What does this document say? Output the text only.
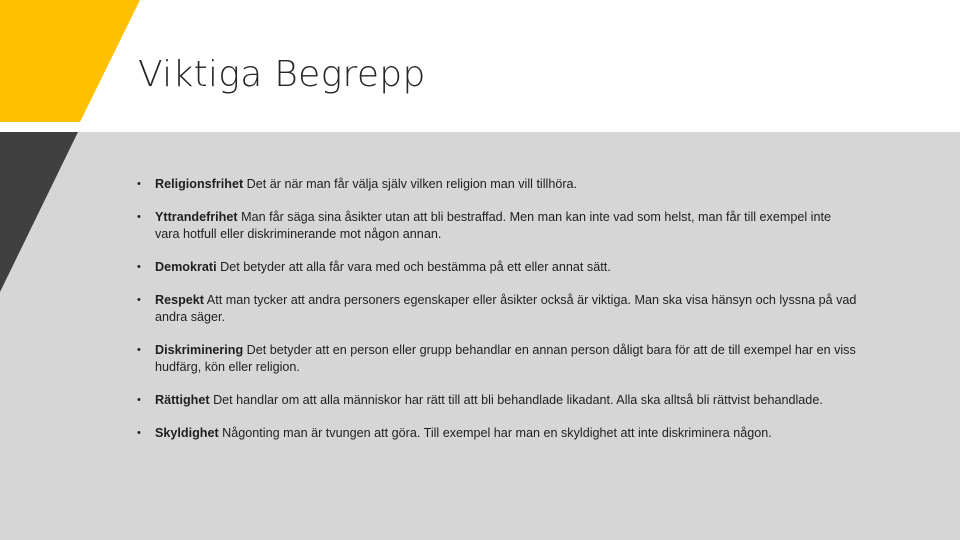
Viktiga Begrepp
•	Religionsfrihet Det är när man får välja själv vilken religion man vill tillhöra.
•	Yttrandefrihet Man får säga sina åsikter utan att bli bestraffad. Men man kan inte vad som helst, man får till exempel inte vara hotfull eller diskriminerande mot någon annan.
•	Demokrati Det betyder att alla får vara med och bestämma på ett eller annat sätt.
•	Respekt Att man tycker att andra personers egenskaper eller åsikter också är viktiga. Man ska visa hänsyn och lyssna på vad andra säger.
•	Diskriminering Det betyder att en person eller grupp behandlar en annan person dåligt bara för att de till exempel har en viss hudfärg, kön eller religion.
•	Rättighet Det handlar om att alla människor har rätt till att bli behandlade likadant. Alla ska alltså bli rättvist behandlade.
•	Skyldighet Någonting man är tvungen att göra. Till exempel har man en skyldighet att inte diskriminera någon.
